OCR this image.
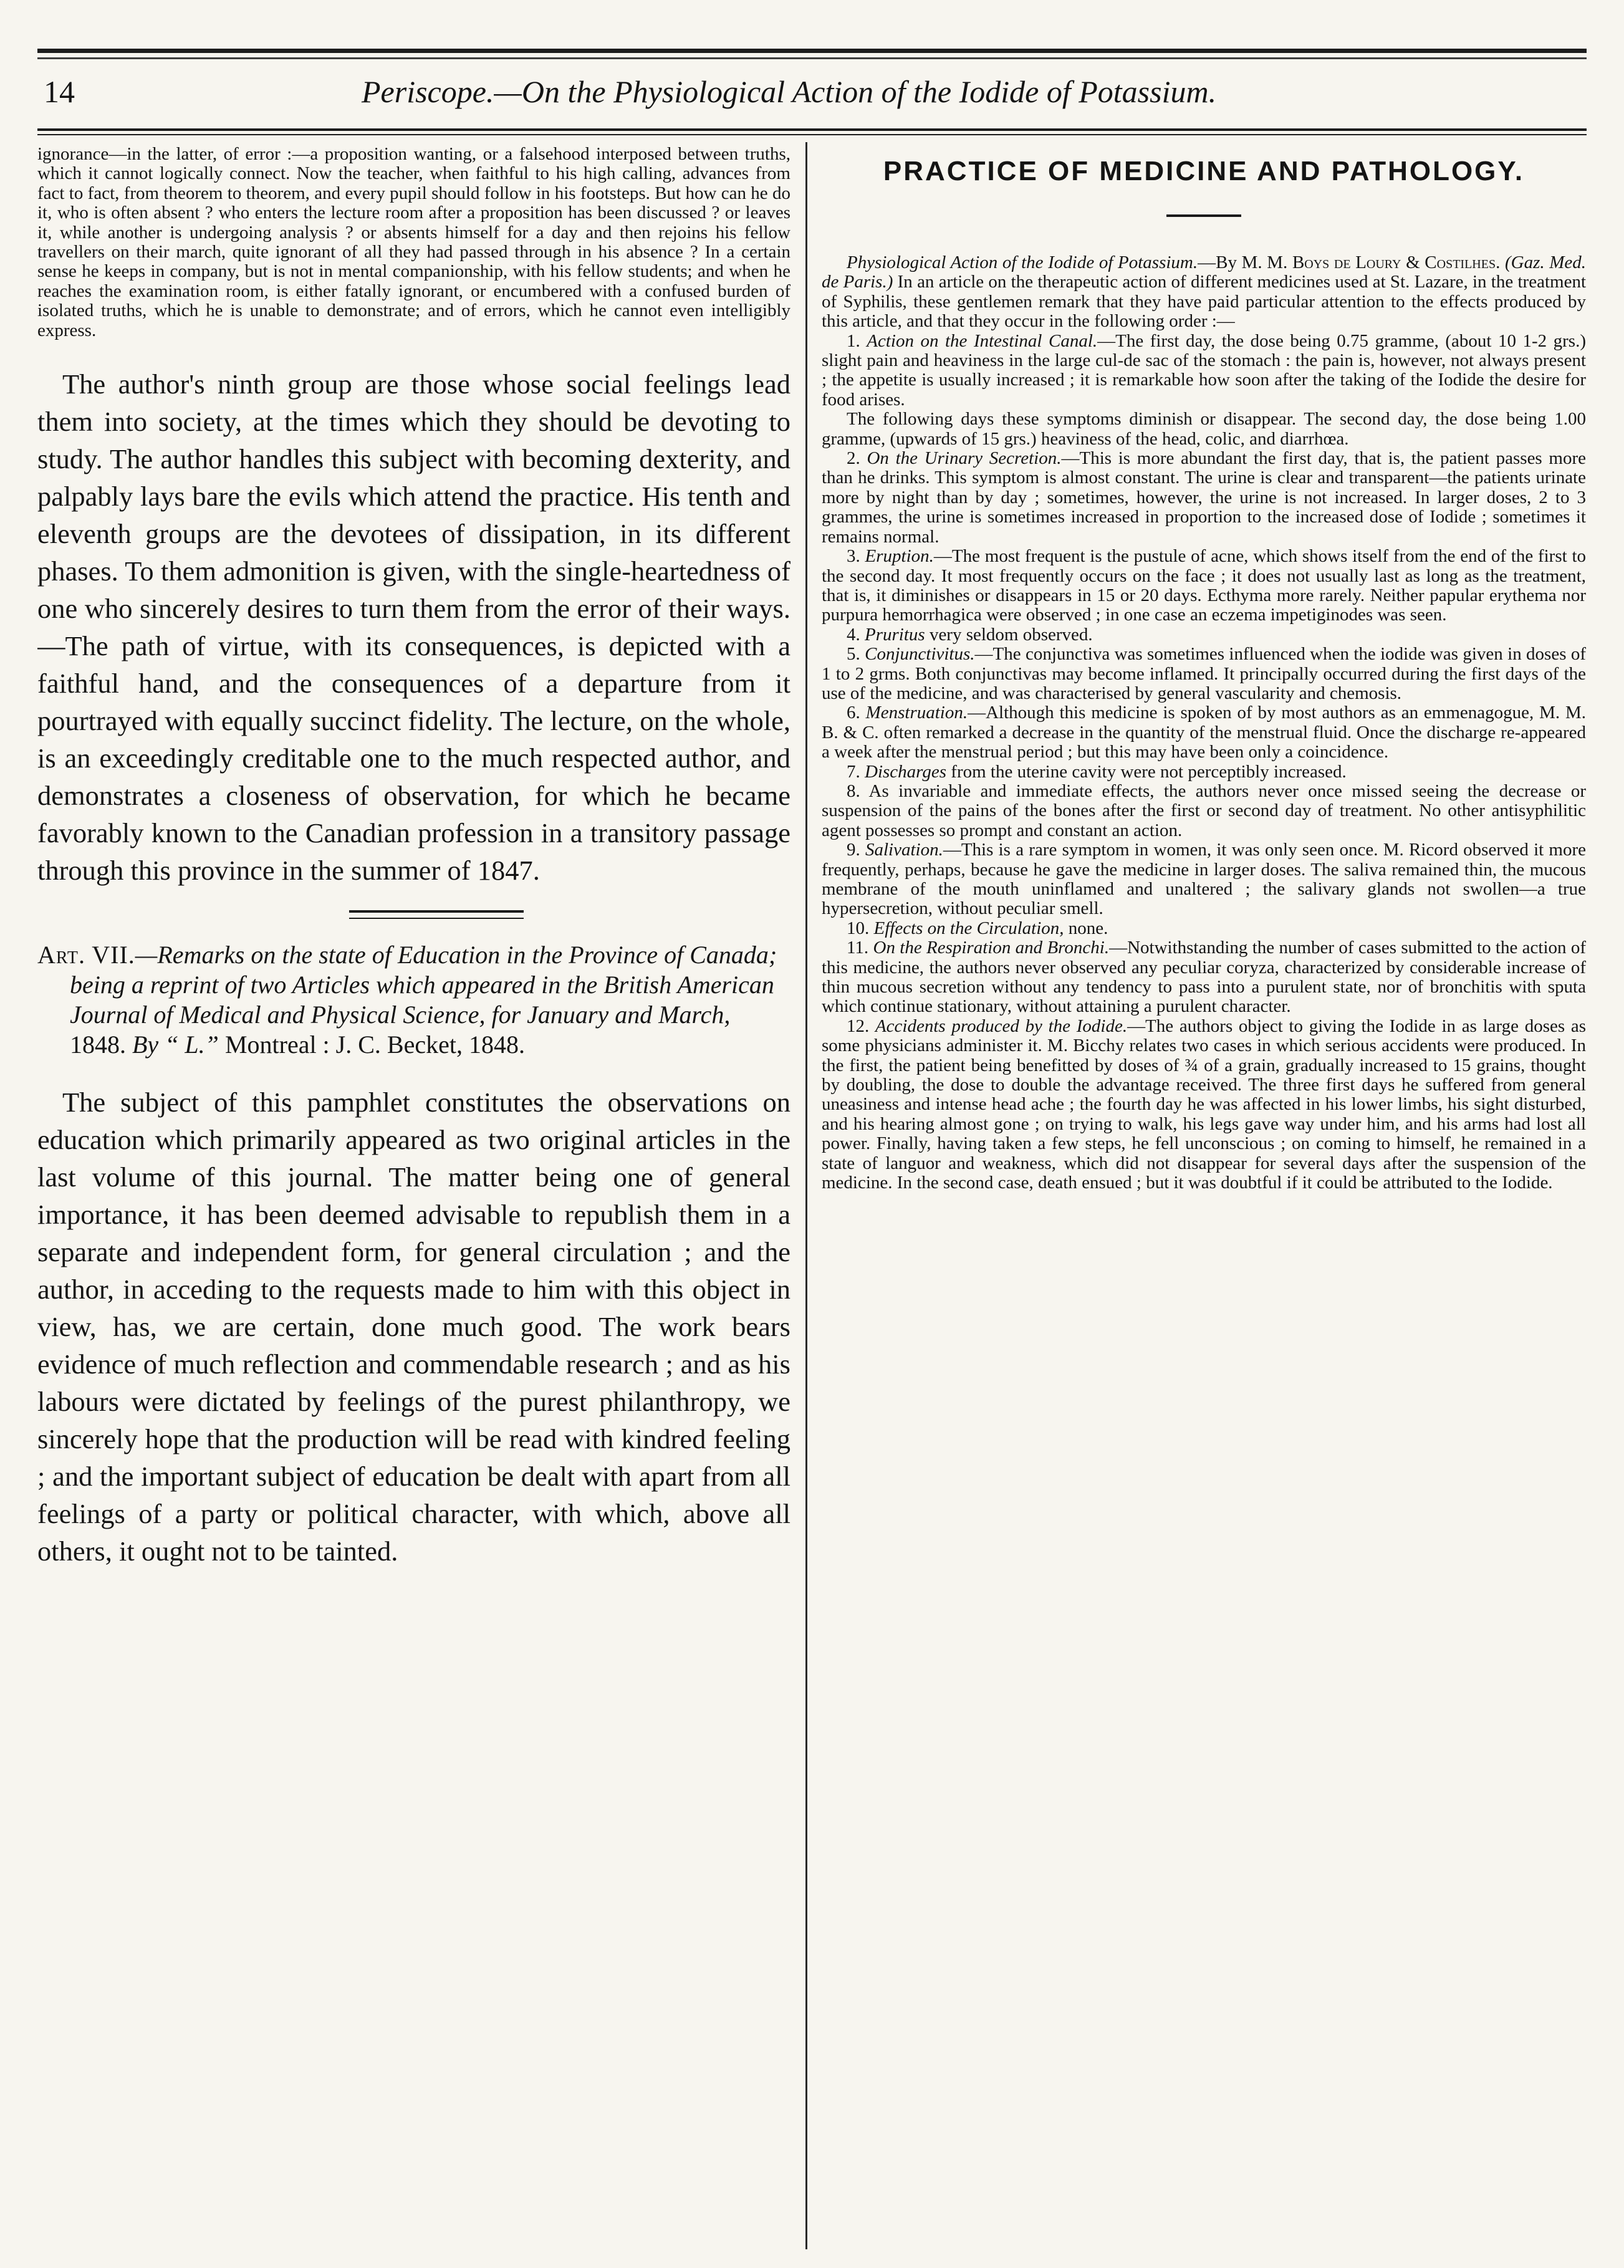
14	Periscope.—On the Physiological Action of the Iodide of Potassium.

ignorance—in the latter, of error :—a proposition wanting, or a falsehood interposed between truths, which it cannot logically connect. Now the teacher, when faithful to his high calling, advances from fact to fact, from theorem to theorem, and every pupil should follow in his footsteps. But how can he do it, who is often absent ? who enters the lecture room after a proposition has been discussed ? or leaves it, while another is undergoing analysis ? or absents himself for a day and then rejoins his fellow travellers on their march, quite ignorant of all they had passed through in his absence ? In a certain sense he keeps in company, but is not in mental companionship, with his fellow students; and when he reaches the examination room, is either fatally ignorant, or encumbered with a confused burden of isolated truths, which he is unable to demonstrate; and of errors, which he cannot even intelligibly express.

The author's ninth group are those whose social feelings lead them into society, at the times which they should be devoting to study. The author handles this subject with becoming dexterity, and palpably lays bare the evils which attend the practice. His tenth and eleventh groups are the devotees of dissipation, in its different phases. To them admonition is given, with the single-heartedness of one who sincerely desires to turn them from the error of their ways.—The path of virtue, with its consequences, is depicted with a faithful hand, and the consequences of a departure from it pourtrayed with equally succinct fidelity. The lecture, on the whole, is an exceedingly creditable one to the much respected author, and demonstrates a closeness of observation, for which he became favorably known to the Canadian profession in a transitory passage through this province in the summer of 1847.

Art. VII.—Remarks on the state of Education in the Province of Canada; being a reprint of two Articles which appeared in the British American Journal of Medical and Physical Science, for January and March, 1848. By “ L.” Montreal : J. C. Becket, 1848.

The subject of this pamphlet constitutes the observations on education which primarily appeared as two original articles in the last volume of this journal. The matter being one of general importance, it has been deemed advisable to republish them in a separate and independent form, for general circulation ; and the author, in acceding to the requests made to him with this object in view, has, we are certain, done much good. The work bears evidence of much reflection and commendable research ; and as his labours were dictated by feelings of the purest philanthropy, we sincerely hope that the production will be read with kindred feeling ; and the important subject of education be dealt with apart from all feelings of a party or political character, with which, above all others, it ought not to be tainted.

PRACTICE OF MEDICINE AND PATHOLOGY.

Physiological Action of the Iodide of Potassium.—By M. M. Boys de Loury & Costilhes. (Gaz. Med. de Paris.) In an article on the therapeutic action of different medicines used at St. Lazare, in the treatment of Syphilis, these gentlemen remark that they have paid particular attention to the effects produced by this article, and that they occur in the following order :—

1. Action on the Intestinal Canal.—The first day, the dose being 0.75 gramme, (about 10 1-2 grs.) slight pain and heaviness in the large cul-de sac of the stomach : the pain is, however, not always present ; the appetite is usually increased ; it is remarkable how soon after the taking of the Iodide the desire for food arises.

The following days these symptoms diminish or disappear. The second day, the dose being 1.00 gramme, (upwards of 15 grs.) heaviness of the head, colic, and diarrhœa.

2. On the Urinary Secretion.—This is more abundant the first day, that is, the patient passes more than he drinks. This symptom is almost constant. The urine is clear and transparent—the patients urinate more by night than by day ; sometimes, however, the urine is not increased. In larger doses, 2 to 3 grammes, the urine is sometimes increased in proportion to the increased dose of Iodide ; sometimes it remains normal.

3. Eruption.—The most frequent is the pustule of acne, which shows itself from the end of the first to the second day. It most frequently occurs on the face ; it does not usually last as long as the treatment, that is, it diminishes or disappears in 15 or 20 days. Ecthyma more rarely. Neither papular erythema nor purpura hemorrhagica were observed ; in one case an eczema impetiginodes was seen.

4. Pruritus very seldom observed.

5. Conjunctivitus.—The conjunctiva was sometimes influenced when the iodide was given in doses of 1 to 2 grms. Both conjunctivas may become inflamed. It principally occurred during the first days of the use of the medicine, and was characterised by general vascularity and chemosis.

6. Menstruation.—Although this medicine is spoken of by most authors as an emmenagogue, M. M. B. & C. often remarked a decrease in the quantity of the menstrual fluid. Once the discharge re-appeared a week after the menstrual period ; but this may have been only a coincidence.

7. Discharges from the uterine cavity were not perceptibly increased.

8. As invariable and immediate effects, the authors never once missed seeing the decrease or suspension of the pains of the bones after the first or second day of treatment. No other antisyphilitic agent possesses so prompt and constant an action.

9. Salivation.—This is a rare symptom in women, it was only seen once. M. Ricord observed it more frequently, perhaps, because he gave the medicine in larger doses. The saliva remained thin, the mucous membrane of the mouth uninflamed and unaltered ; the salivary glands not swollen—a true hypersecretion, without peculiar smell.

10. Effects on the Circulation, none.

11. On the Respiration and Bronchi.—Notwithstanding the number of cases submitted to the action of this medicine, the authors never observed any peculiar coryza, characterized by considerable increase of thin mucous secretion without any tendency to pass into a purulent state, nor of bronchitis with sputa which continue stationary, without attaining a purulent character.

12. Accidents produced by the Iodide.—The authors object to giving the Iodide in as large doses as some physicians administer it. M. Bicchy relates two cases in which serious accidents were produced. In the first, the patient being benefitted by doses of ¾ of a grain, gradually increased to 15 grains, thought by doubling, the dose to double the advantage received. The three first days he suffered from general uneasiness and intense head ache ; the fourth day he was affected in his lower limbs, his sight disturbed, and his hearing almost gone ; on trying to walk, his legs gave way under him, and his arms had lost all power. Finally, having taken a few steps, he fell unconscious ; on coming to himself, he remained in a state of languor and weakness, which did not disappear for several days after the suspension of the medicine. In the second case, death ensued ; but it was doubtful if it could be attributed to the Iodide.
